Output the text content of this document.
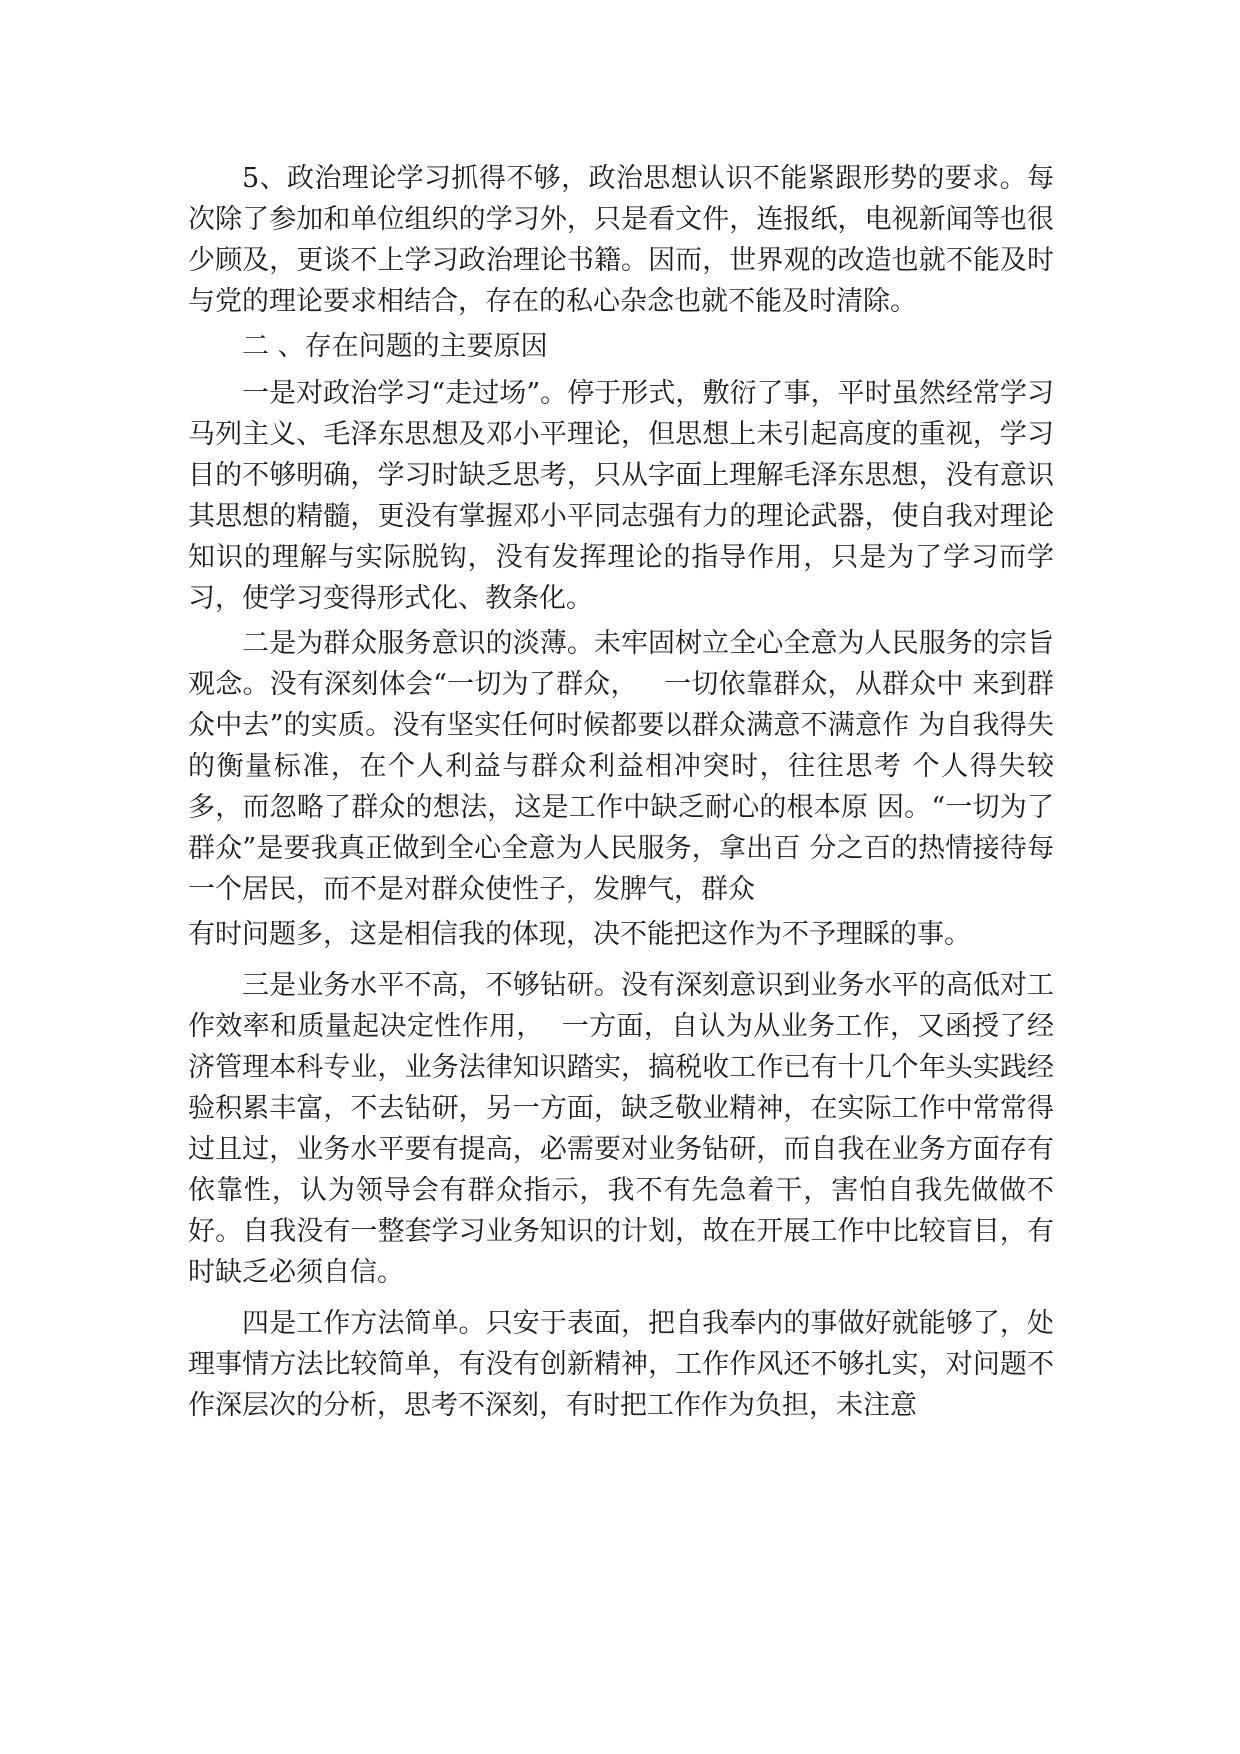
5、政治理论学习抓得不够，政治思想认识不能紧跟形势的要求。每次除了参加和单位组织的学习外，只是看文件，连报纸，电视新闻等也很少顾及，更谈不上学习政治理论书籍。因而，世界观的改造也就不能及时与党的理论要求相结合，存在的私心杂念也就不能及时清除。

二 、存在问题的主要原因

一是对政治学习“走过场”。停于形式，敷衍了事，平时虽然经常学习马列主义、毛泽东思想及邓小平理论，但思想上未引起高度的重视，学习目的不够明确，学习时缺乏思考，只从字面上理解毛泽东思想，没有意识其思想的精髓，更没有掌握邓小平同志强有力的理论武器，使自我对理论知识的理解与实际脱钩，没有发挥理论的指导作用，只是为了学习而学习，使学习变得形式化、教条化。

二是为群众服务意识的淡薄。未牢固树立全心全意为人民服务的宗旨观念。没有深刻体会“一切为了群众，   一切依靠群众，从群众中 来到群众中去”的实质。没有坚实任何时候都要以群众满意不满意作 为自我得失的衡量标准，在个人利益与群众利益相冲突时，往往思考 个人得失较多，而忽略了群众的想法，这是工作中缺乏耐心的根本原 因。“一切为了群众”是要我真正做到全心全意为人民服务，拿出百 分之百的热情接待每一个居民，而不是对群众使性子，发脾气，群众

有时问题多，这是相信我的体现，决不能把这作为不予理睬的事。

三是业务水平不高，不够钻研。没有深刻意识到业务水平的高低对工作效率和质量起决定性作用，  一方面，自认为从业务工作，又函授了经济管理本科专业，业务法律知识踏实，搞税收工作已有十几个年头实践经验积累丰富，不去钻研，另一方面，缺乏敬业精神，在实际工作中常常得过且过，业务水平要有提高，必需要对业务钻研，而自我在业务方面存有依靠性，认为领导会有群众指示，我不有先急着干，害怕自我先做做不好。自我没有一整套学习业务知识的计划，故在开展工作中比较盲目，有时缺乏必须自信。

四是工作方法简单。只安于表面，把自我奉内的事做好就能够了，处理事情方法比较简单，有没有创新精神，工作作风还不够扎实，对问题不作深层次的分析，思考不深刻，有时把工作作为负担，未注意
